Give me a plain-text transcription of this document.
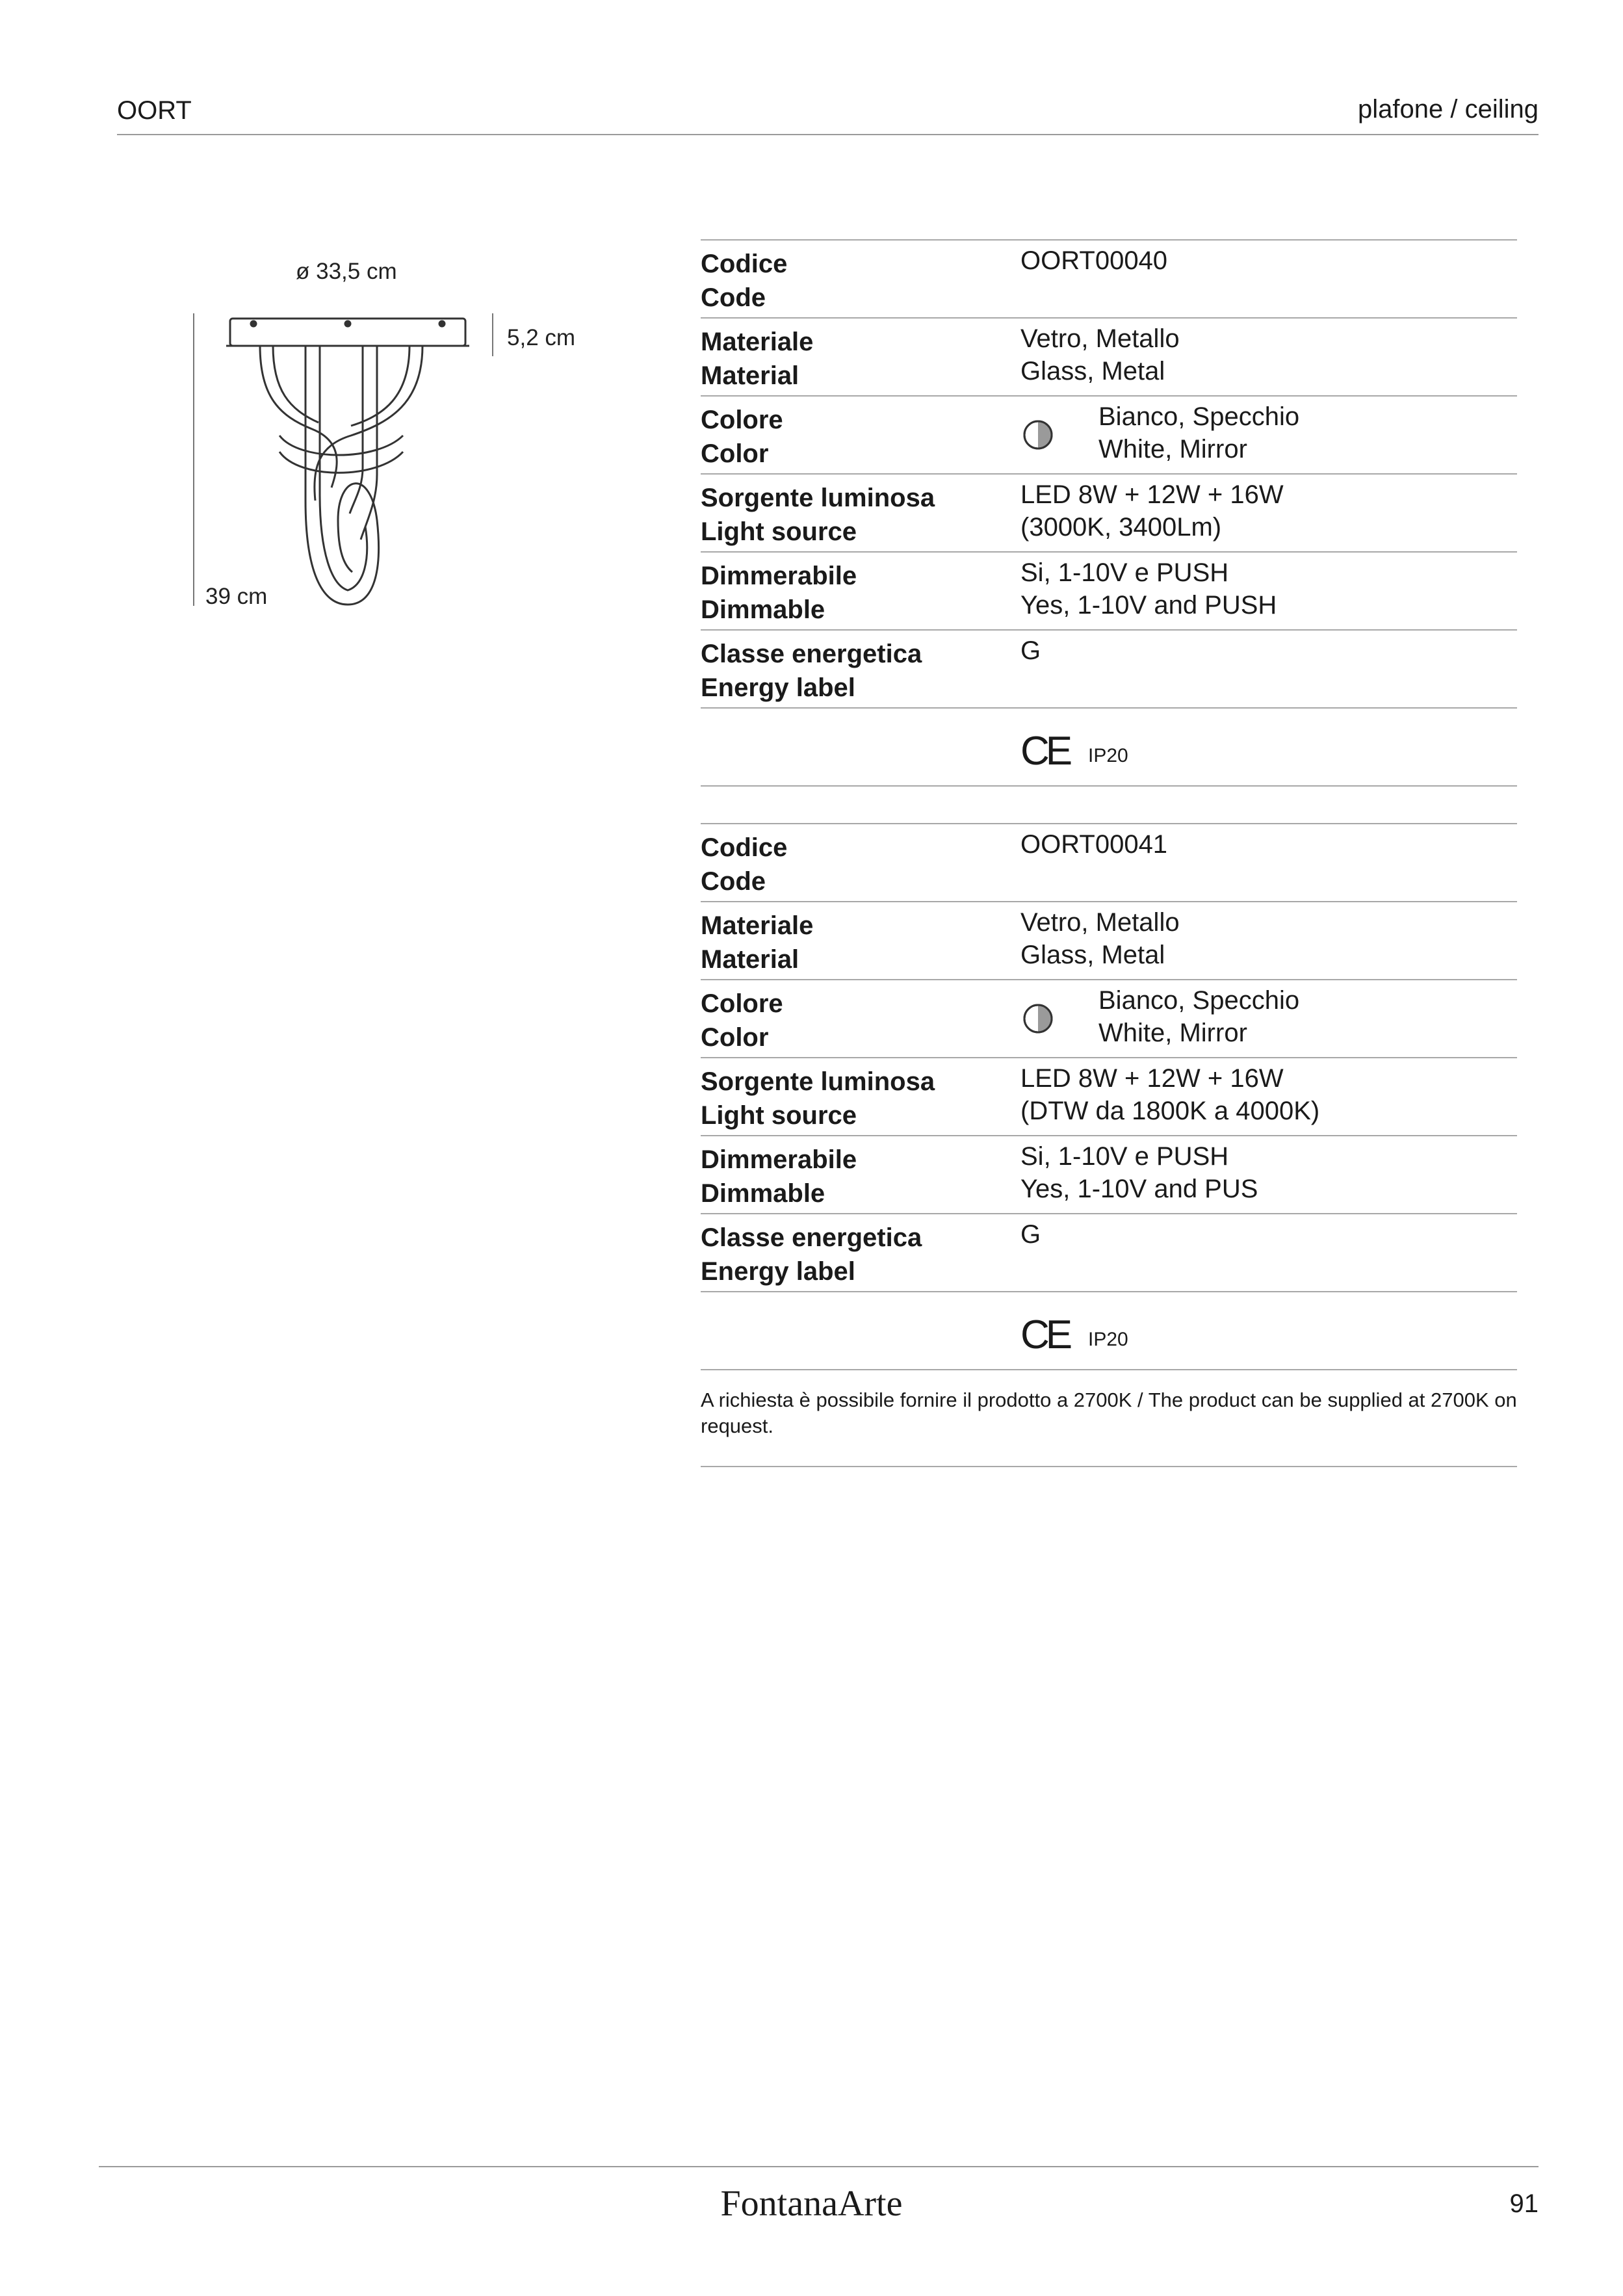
OORT	plafone / ceiling
ø 33,5 cm
5,2 cm
39 cm
Codice
Code
OORT00040
Materiale
Material
Vetro, Metallo
Glass, Metal
Colore
Color
Bianco, Specchio
White, Mirror
Sorgente luminosa
Light source
LED 8W + 12W + 16W
(3000K, 3400Lm)
Dimmerabile
Dimmable
Si, 1-10V e PUSH
Yes, 1-10V and PUSH
Classe energetica
Energy label
G
CE IP20
Codice
Code
OORT00041
Materiale
Material
Vetro, Metallo
Glass, Metal
Colore
Color
Bianco, Specchio
White, Mirror
Sorgente luminosa
Light source
LED 8W + 12W + 16W
(DTW da 1800K a 4000K)
Dimmerabile
Dimmable
Si, 1-10V e PUSH
Yes, 1-10V and PUS
Classe energetica
Energy label
G
CE IP20
A richiesta è possibile fornire il prodotto a 2700K / The product can be supplied at 2700K on request.
FontanaArte	91
